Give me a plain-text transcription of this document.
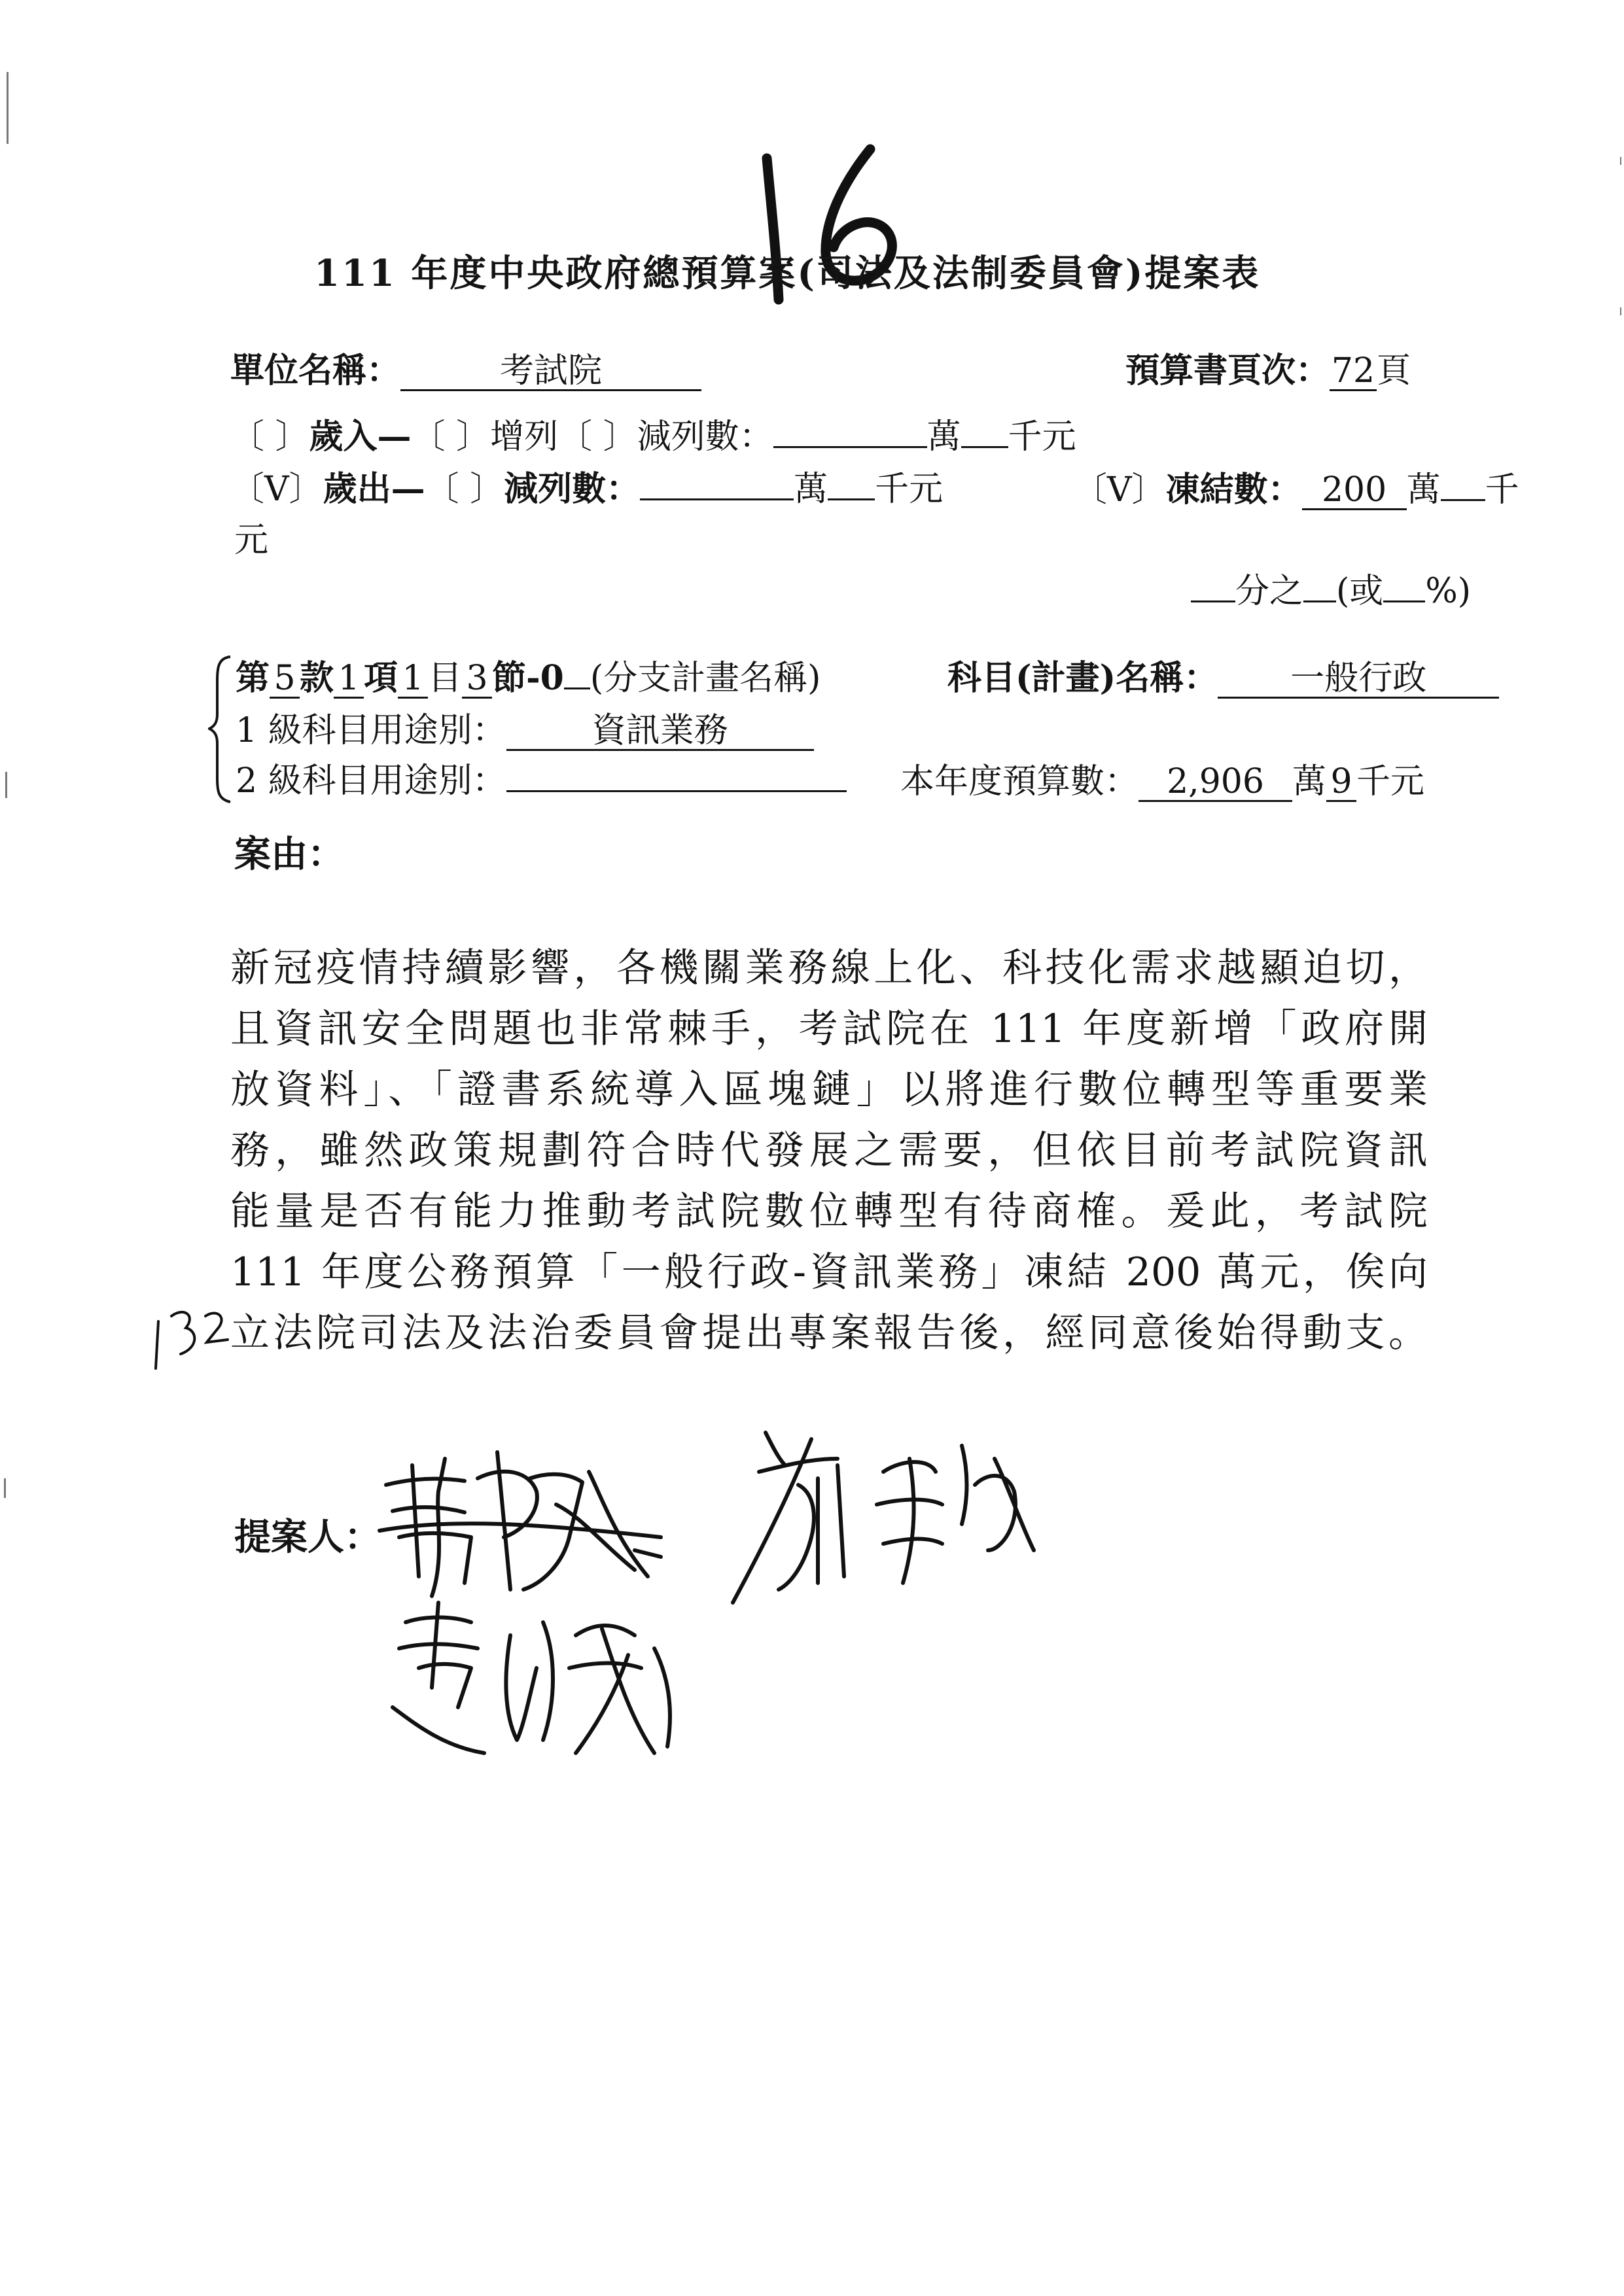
111 年度中央政府總預算案(司法及法制委員會)提案表
單位名稱：	考試院	預算書頁次：72頁
〔 〕歲入—〔 〕增列〔 〕減列數：	萬 千元
〔V〕歲出—〔 〕減列數：	萬 千元	〔V〕凍結數： 200 萬 千
元
分之 (或 %)
第 5 款 1 項 1 目 3 節-0 (分支計畫名稱)	科目(計畫)名稱： 一般行政
1 級科目用途別：	資訊業務
2 級科目用途別：	本年度預算數： 2,906 萬 9 千元
案由：
新冠疫情持續影響，各機關業務線上化、科技化需求越顯迫切，
且資訊安全問題也非常棘手，考試院在 111 年度新增「政府開
放資料」、「證書系統導入區塊鏈」以將進行數位轉型等重要業
務，雖然政策規劃符合時代發展之需要，但依目前考試院資訊
能量是否有能力推動考試院數位轉型有待商榷。爰此，考試院
111 年度公務預算「一般行政-資訊業務」凍結 200 萬元，俟向
立法院司法及法治委員會提出專案報告後，經同意後始得動支。
提案人：
